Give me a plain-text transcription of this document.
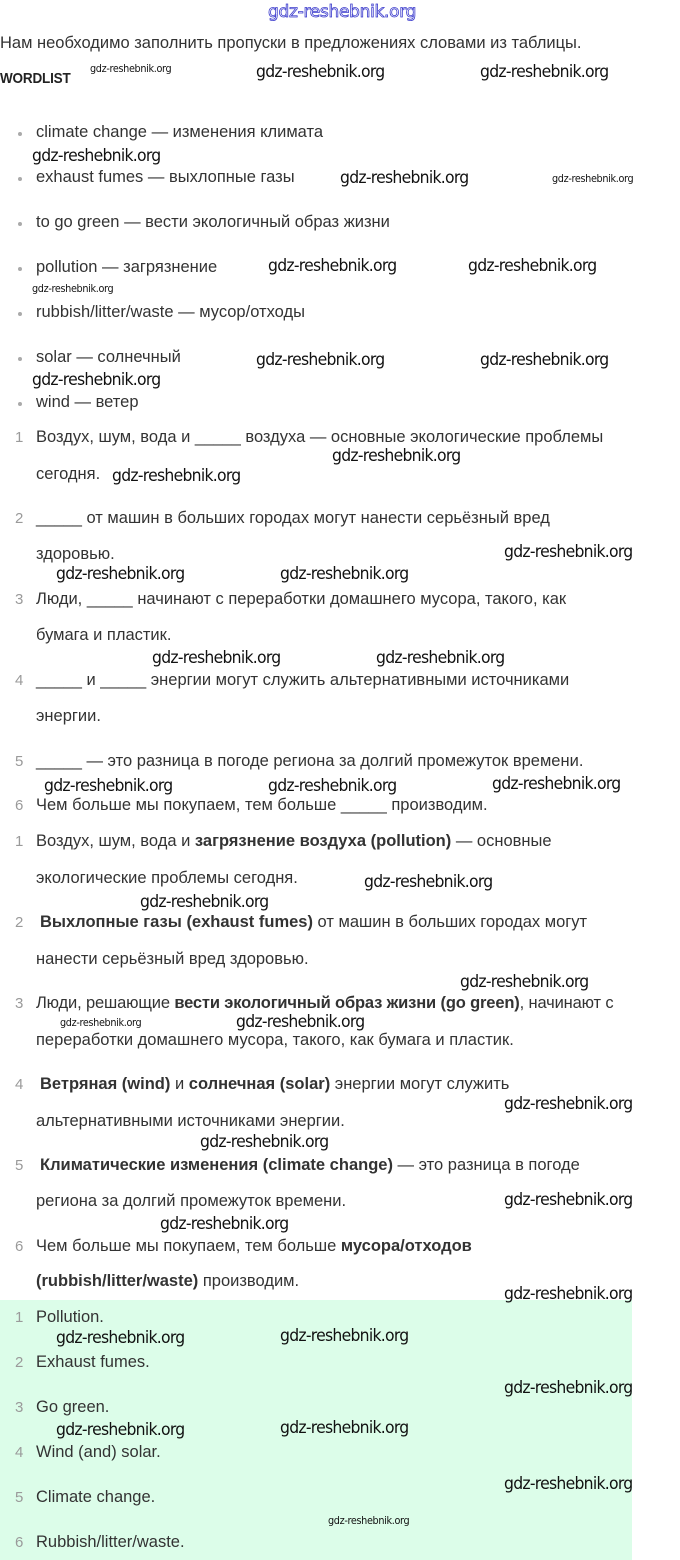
gdz-reshebnik.org
Нам необходимо заполнить пропуски в предложениях словами из таблицы.
WORDLIST
climate change — изменения климата
exhaust fumes — выхлопные газы
to go green — вести экологичный образ жизни
pollution — загрязнение
rubbish/litter/waste — мусор/отходы
solar — солнечный
wind — ветер
1 Воздух, шум, вода и _____ воздуха — основные экологические проблемы
сегодня.
2 _____ от машин в больших городах могут нанести серьёзный вред
здоровью.
3 Люди, _____ начинают с переработки домашнего мусора, такого, как
бумага и пластик.
4 _____ и _____ энергии могут служить альтернативными источниками
энергии.
5 _____ — это разница в погоде региона за долгий промежуток времени.
6 Чем больше мы покупаем, тем больше _____ производим.
1 Воздух, шум, вода и загрязнение воздуха (pollution) — основные
экологические проблемы сегодня.
2 Выхлопные газы (exhaust fumes) от машин в больших городах могут
нанести серьёзный вред здоровью.
3 Люди, решающие вести экологичный образ жизни (go green), начинают с
переработки домашнего мусора, такого, как бумага и пластик.
4 Ветряная (wind) и солнечная (solar) энергии могут служить
альтернативными источниками энергии.
5 Климатические изменения (climate change) — это разница в погоде
региона за долгий промежуток времени.
6 Чем больше мы покупаем, тем больше мусора/отходов
(rubbish/litter/waste) производим.
1 Pollution.
2 Exhaust fumes.
3 Go green.
4 Wind (and) solar.
5 Climate change.
6 Rubbish/litter/waste.
gdz-reshebnik.org	gdz-reshebnik.org	gdz-reshebnik.org
gdz-reshebnik.org
gdz-reshebnik.org	gdz-reshebnik.org
gdz-reshebnik.org	gdz-reshebnik.org
gdz-reshebnik.org
gdz-reshebnik.org	gdz-reshebnik.org
gdz-reshebnik.org
gdz-reshebnik.org
gdz-reshebnik.org
gdz-reshebnik.org
gdz-reshebnik.org	gdz-reshebnik.org
gdz-reshebnik.org	gdz-reshebnik.org
gdz-reshebnik.org
gdz-reshebnik.org	gdz-reshebnik.org
gdz-reshebnik.org
gdz-reshebnik.org
gdz-reshebnik.org
gdz-reshebnik.org	gdz-reshebnik.org
gdz-reshebnik.org
gdz-reshebnik.org
gdz-reshebnik.org
gdz-reshebnik.org
gdz-reshebnik.org
gdz-reshebnik.org	gdz-reshebnik.org
gdz-reshebnik.org
gdz-reshebnik.org	gdz-reshebnik.org
gdz-reshebnik.org
gdz-reshebnik.org
